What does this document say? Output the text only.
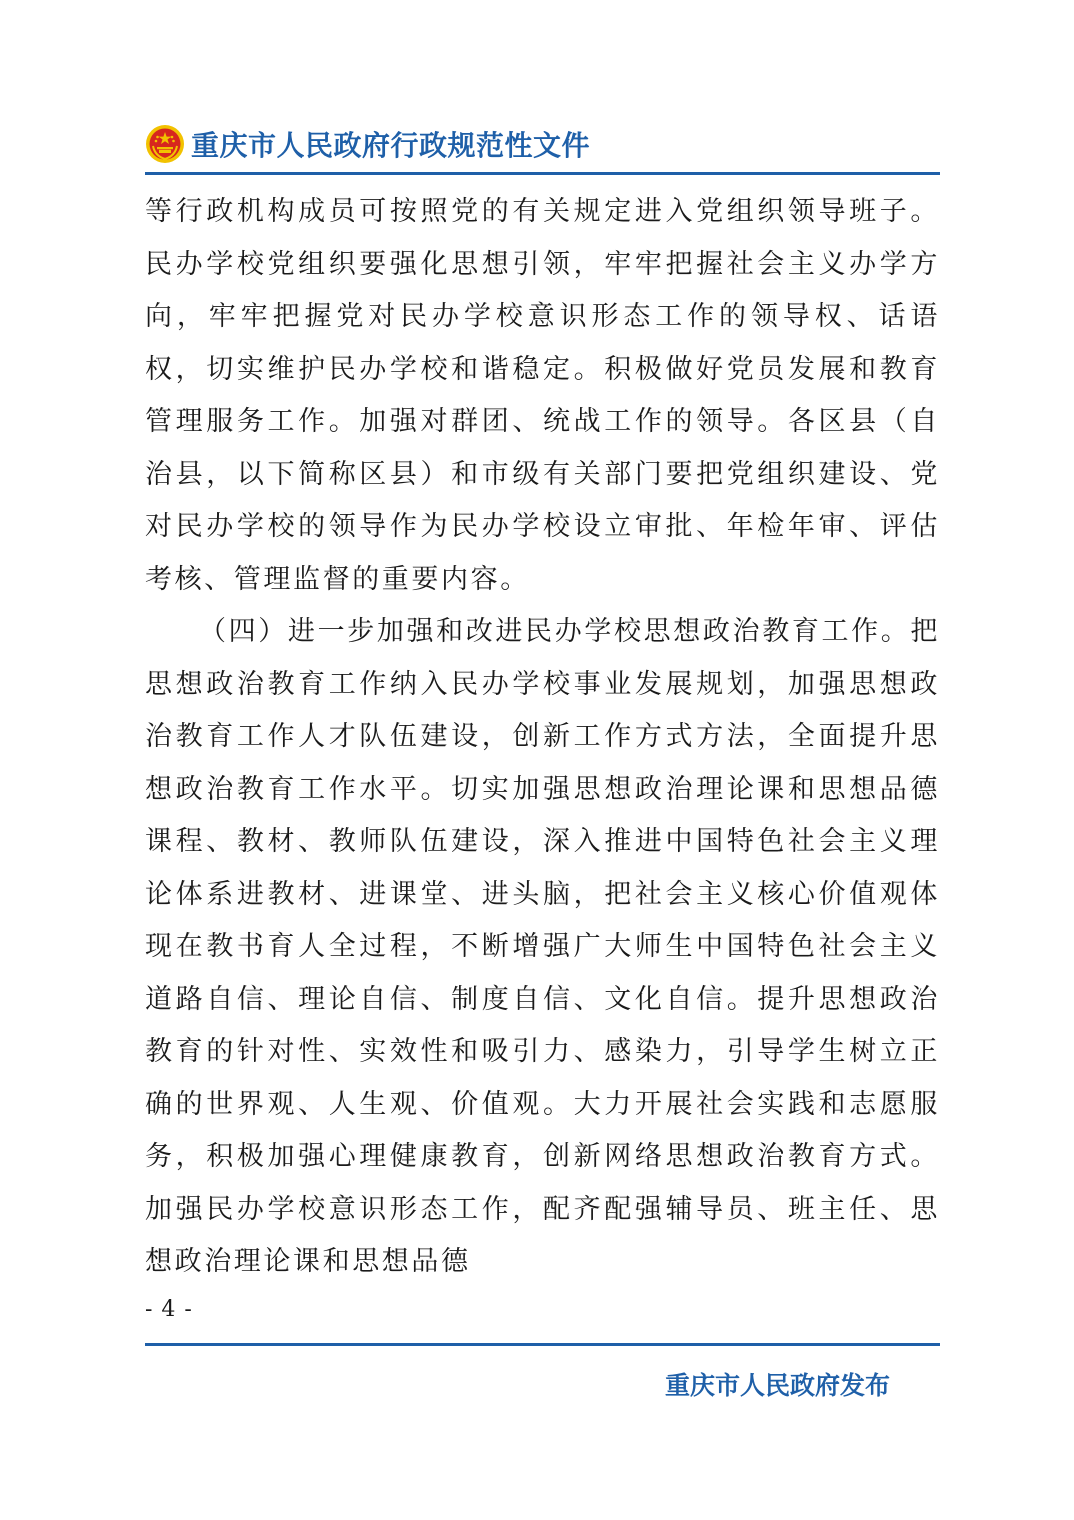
重庆市人民政府行政规范性文件

等行政机构成员可按照党的有关规定进入党组织领导班子。民办学校党组织要强化思想引领，牢牢把握社会主义办学方向，牢牢把握党对民办学校意识形态工作的领导权、话语权，切实维护民办学校和谐稳定。积极做好党员发展和教育管理服务工作。加强对群团、统战工作的领导。各区县（自治县，以下简称区县）和市级有关部门要把党组织建设、党对民办学校的领导作为民办学校设立审批、年检年审、评估考核、管理监督的重要内容。

（四）进一步加强和改进民办学校思想政治教育工作。把思想政治教育工作纳入民办学校事业发展规划，加强思想政治教育工作人才队伍建设，创新工作方式方法，全面提升思想政治教育工作水平。切实加强思想政治理论课和思想品德课程、教材、教师队伍建设，深入推进中国特色社会主义理论体系进教材、进课堂、进头脑，把社会主义核心价值观体现在教书育人全过程，不断增强广大师生中国特色社会主义道路自信、理论自信、制度自信、文化自信。提升思想政治教育的针对性、实效性和吸引力、感染力，引导学生树立正确的世界观、人生观、价值观。大力开展社会实践和志愿服务，积极加强心理健康教育，创新网络思想政治教育方式。加强民办学校意识形态工作，配齐配强辅导员、班主任、思想政治理论课和思想品德

- 4 -
重庆市人民政府发布
